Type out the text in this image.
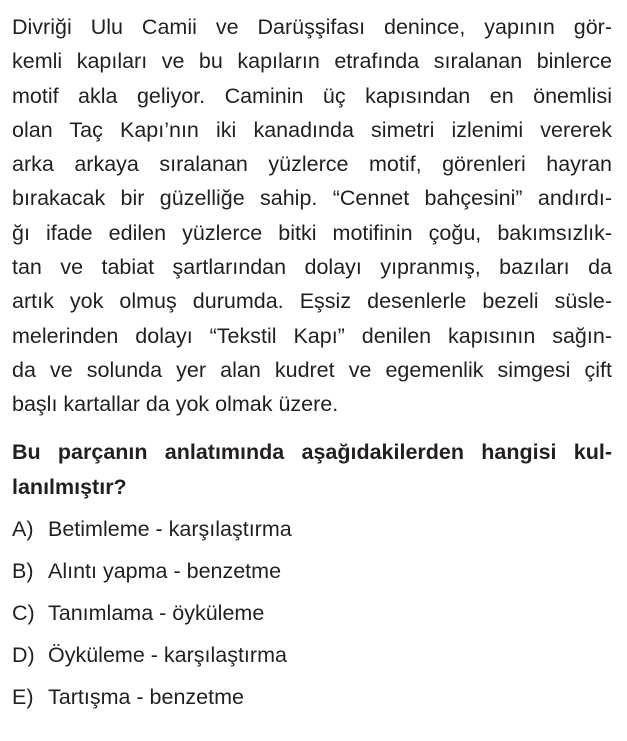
Divriği Ulu Camii ve Darüşşifası denince, yapının gör-
kemli kapıları ve bu kapıların etrafında sıralanan binlerce
motif akla geliyor. Caminin üç kapısından en önemlisi
olan Taç Kapı’nın iki kanadında simetri izlenimi vererek
arka arkaya sıralanan yüzlerce motif, görenleri hayran
bırakacak bir güzelliğe sahip. “Cennet bahçesini” andırdı-
ğı ifade edilen yüzlerce bitki motifinin çoğu, bakımsızlık-
tan ve tabiat şartlarından dolayı yıpranmış, bazıları da
artık yok olmuş durumda. Eşsiz desenlerle bezeli süsle-
melerinden dolayı “Tekstil Kapı” denilen kapısının sağın-
da ve solunda yer alan kudret ve egemenlik simgesi çift
başlı kartallar da yok olmak üzere.
Bu parçanın anlatımında aşağıdakilerden hangisi kul-
lanılmıştır?
A) Betimleme - karşılaştırma
B) Alıntı yapma - benzetme
C) Tanımlama - öyküleme
D) Öyküleme - karşılaştırma
E) Tartışma - benzetme
